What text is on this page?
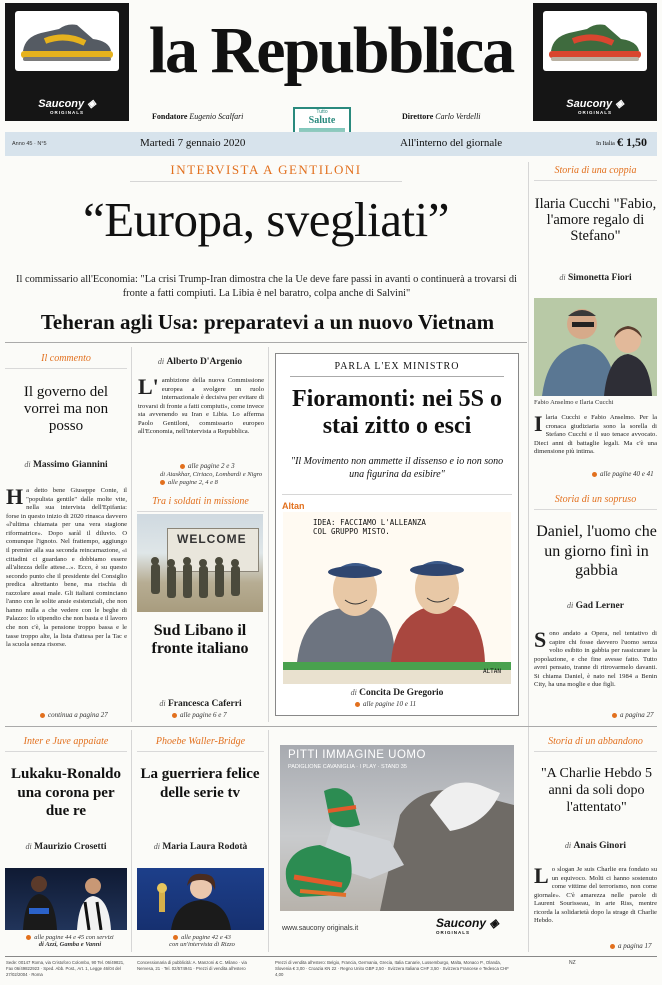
Saucony ◈
ORIGINALS
Saucony ◈
ORIGINALS
la Repubblica
Fondatore Eugenio Scalfari	Direttore Carlo Verdelli
Tutto
Salute
Anno 45 · N°5	Martedì 7 gennaio 2020	All'interno del giornale	In Italia € 1,50
INTERVISTA A GENTILONI
“Europa, svegliati”
Il commissario all'Economia: "La crisi Trump-Iran dimostra che la Ue deve fare passi in avanti o continuerà a trovarsi di fronte a fatti compiuti. La Libia è nel baratro, colpa anche di Salvini"
Teheran agli Usa: preparatevi a un nuovo Vietnam
Il commento
Il governo del vorrei ma non posso
di Massimo Giannini
Ha detto bene Giuseppe Conte, il "populista gentile" dalle molte vite, nella sua intervista dell'Epifania: forse in questo inizio di 2020 rinasca davvero «l'ultima chiamata per una vera stagione riformatrice». Dopo saràl il diluvio. O comunque l'ignoto. Nel frattempo, aggiungo il premier alla sua seconda reincarnazione, «i cittadini ci guardano e dobbiamo essere all'altezza delle attese...». Ecco, è su questo secondo punto che il presidente del Consiglio predica altrettanto bene, ma rischia di razzolare assai male. Gli italiani cominciano l'anno con le solite ansie esistenziali, che non hanno nulla a che vedere con le beghe di Palazzo: lo stipendio che non basta e il lavoro che non c'è, la pensione troppo bassa e le tasse troppo alte, la lista d'attesa per la Tac e la scuola senza risorse.
continua a pagina 27
di Alberto D'Argenio
L' ambizione della nuova Commissione europea a svolgere un ruolo internazionale è decisiva per evitare di trovarsi di fronte a fatti compiuti», come invece sta avvenendo su Iran e Libia. Lo afferma Paolo Gentiloni, commissario europeo all'Economia, nell'intervista a Repubblica.
alle pagine 2 e 3
di Ataskhar, Ciriaco, Lombardi e Nigro alle pagine 2, 4 e 8
Tra i soldati in missione
WELCOME
Sud Libano il fronte italiano
di Francesca Caferri
alle pagine 6 e 7
PARLA L'EX MINISTRO
Fioramonti: nei 5S o stai zitto o esci
"Il Movimento non ammette il dissenso e io non sono una figurina da esibire"
Altan
IDEA: FACCIAMO L'ALLEANZA COL GRUPPO MISTO.
ALTAN
di Concita De Gregorio
alle pagine 10 e 11
Storia di una coppia
Ilaria Cucchi "Fabio, l'amore regalo di Stefano"
di Simonetta Fiori
Fabio Anselmo e Ilaria Cucchi
Ilaria Cucchi e Fabio Anselmo. Per la cronaca giudiziaria sono la sorella di Stefano Cucchi e il suo tenace avvocato. Dieci anni di battaglie legali. Ma c'è una dimensione più intima.
alle pagine 40 e 41
Storia di un sopruso
Daniel, l'uomo che un giorno finì in gabbia
di Gad Lerner
Sono andato a Opera, nel tentativo di capire chi fosse davvero l'uomo senza volto esibito in gabbia per rassicurare la popolazione, e che fine avesse fatto. Tutto avrei pensato, tranne di ritrovarmelo davanti. Si chiama Daniel, è nato nel 1984 a Benin City, ha una moglie e due figli.
a pagina 27
Inter e Juve appaiate
Lukaku-Ronaldo una corona per due re
di Maurizio Crosetti
alle pagine 44 e 45 con servizi
di Azzi, Gamba e Vanni
Phoebe Waller-Bridge
La guerriera felice delle serie tv
di Maria Laura Rodotà
alle pagine 42 e 43
con un'intervista di Rizzo
PITTI IMMAGINE UOMO
PADIGLIONE CAVANIGLIA · I PLAY · STAND 35
www.saucony originals.it	Saucony ◈
ORIGINALS
Storia di un abbandono
"A Charlie Hebdo 5 anni da soli dopo l'attentato"
di Anais Ginori
Lo slogan Je suis Charlie era fondato su un equivoco. Molti ci hanno sostenuto come vittime del terrorismo, non come giornale». C'è amarezza nelle parole di Laurent Sourisseau, in arte Riss, mentre ricorda la solidarietà dopo la strage di Charlie Hebdo.
a pagina 17
Sede: 00147 Roma, via Cristoforo Colombo, 90 Tel. 06/49821, Fax 06/49822923 · Sped. Abb. Post., Art. 1, Legge 46/04 del 27/02/2004 · Roma
Concessionaria di pubblicità: A. Manzoni & C. Milano · via Nervesa, 21 · Tel. 02/574941 · Prezzi di vendita all'estero
Prezzi di vendita all'estero: Belgio, Francia, Germania, Grecia, Italia Canarie, Lussemburgo, Malta, Monaco P., Olanda, Slovenia € 3,00 · Croazia KN 22 · Regno Unito GBP 2,50 · Svizzera Italiana CHF 3,50 · Svizzera Francese e Tedesca CHF 4,00
NZ
